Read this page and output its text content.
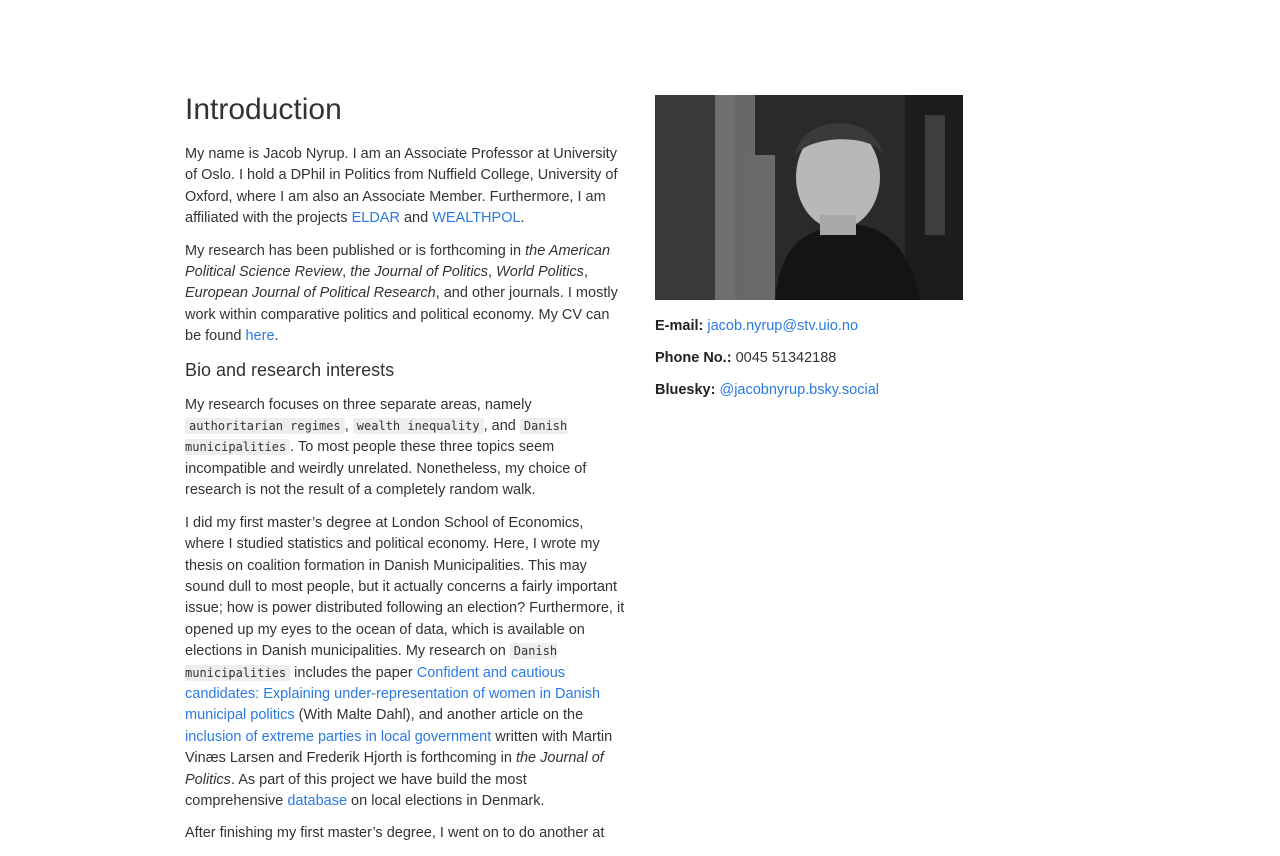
Introduction

My name is Jacob Nyrup. I am an Associate Professor at University of Oslo. I hold a DPhil in Politics from Nuffield College, University of Oxford, where I am also an Associate Member. Furthermore, I am affiliated with the projects ELDAR and WEALTHPOL.

My research has been published or is forthcoming in the American Political Science Review, the Journal of Politics, World Politics, European Journal of Political Research, and other journals. I mostly work within comparative politics and political economy. My CV can be found here.

Bio and research interests

My research focuses on three separate areas, namely authoritarian regimes , wealth inequality , and Danish municipalities . To most people these three topics seem incompatible and weirdly unrelated. Nonetheless, my choice of research is not the result of a completely random walk.

I did my first master’s degree at London School of Economics, where I studied statistics and political economy. Here, I wrote my thesis on coalition formation in Danish Municipalities. This may sound dull to most people, but it actually concerns a fairly important issue; how is power distributed following an election? Furthermore, it opened up my eyes to the ocean of data, which is available on elections in Danish municipalities. My research on Danish municipalities includes the paper Confident and cautious candidates: Explaining under-representation of women in Danish municipal politics (With Malte Dahl), and another article on the inclusion of extreme parties in local government written with Martin Vinæs Larsen and Frederik Hjorth is forthcoming in the Journal of Politics. As part of this project we have build the most comprehensive database on local elections in Denmark.

After finishing my first master’s degree, I went on to do another at

E-mail: jacob.nyrup@stv.uio.no

Phone No.: 0045 51342188

Bluesky: @jacobnyrup.bsky.social
